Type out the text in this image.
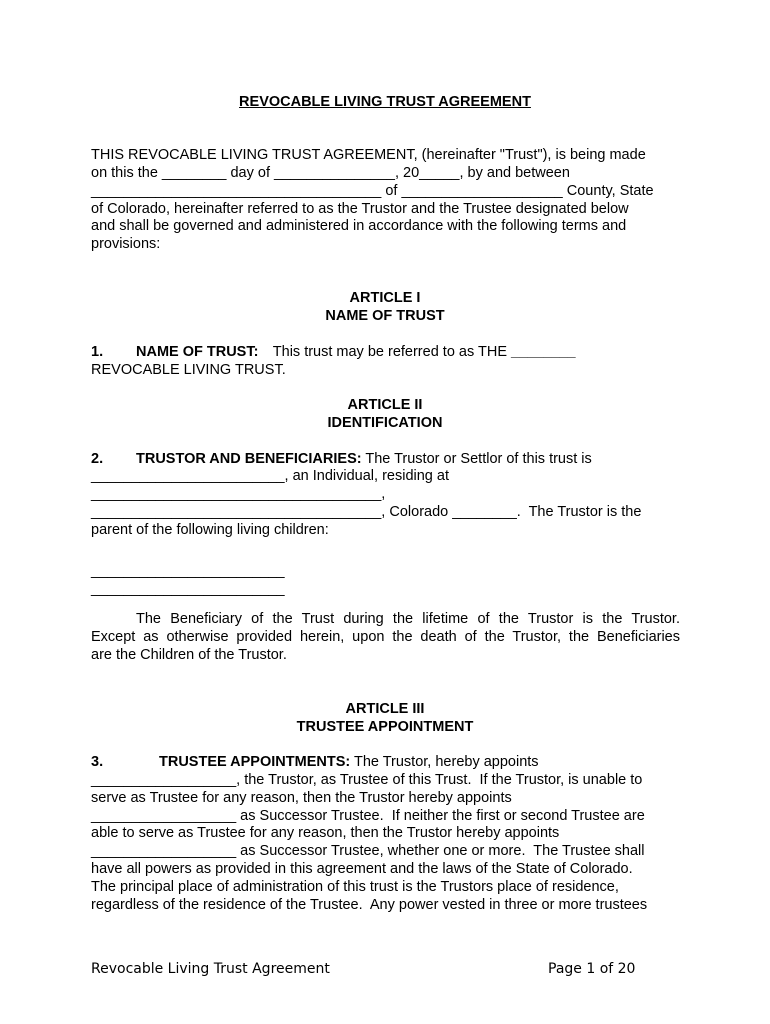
REVOCABLE LIVING TRUST AGREEMENT
THIS REVOCABLE LIVING TRUST AGREEMENT, (hereinafter "Trust"), is being made
on this the ________ day of _______________, 20_____, by and between
____________________________________ of ____________________ County, State
of Colorado, hereinafter referred to as the Trustor and the Trustee designated below
and shall be governed and administered in accordance with the following terms and
provisions:
ARTICLE I
NAME OF TRUST
1. NAME OF TRUST: This trust may be referred to as THE ________
REVOCABLE LIVING TRUST.
ARTICLE II
IDENTIFICATION
2. TRUSTOR AND BENEFICIARIES: The Trustor or Settlor of this trust is
________________________, an Individual, residing at
____________________________________,
____________________________________, Colorado ________.  The Trustor is the
parent of the following living children:
________________________
________________________
The Beneficiary of the Trust during the lifetime of the Trustor is the Trustor.
Except as otherwise provided herein, upon the death of the Trustor, the Beneficiaries
are the Children of the Trustor.
ARTICLE III
TRUSTEE APPOINTMENT
3.	TRUSTEE APPOINTMENTS: The Trustor, hereby appoints
__________________, the Trustor, as Trustee of this Trust.  If the Trustor, is unable to
serve as Trustee for any reason, then the Trustor hereby appoints
__________________ as Successor Trustee.  If neither the first or second Trustee are
able to serve as Trustee for any reason, then the Trustor hereby appoints
__________________ as Successor Trustee, whether one or more.  The Trustee shall
have all powers as provided in this agreement and the laws of the State of Colorado.
The principal place of administration of this trust is the Trustors place of residence,
regardless of the residence of the Trustee.  Any power vested in three or more trustees
Revocable Living Trust Agreement	Page 1 of 20
